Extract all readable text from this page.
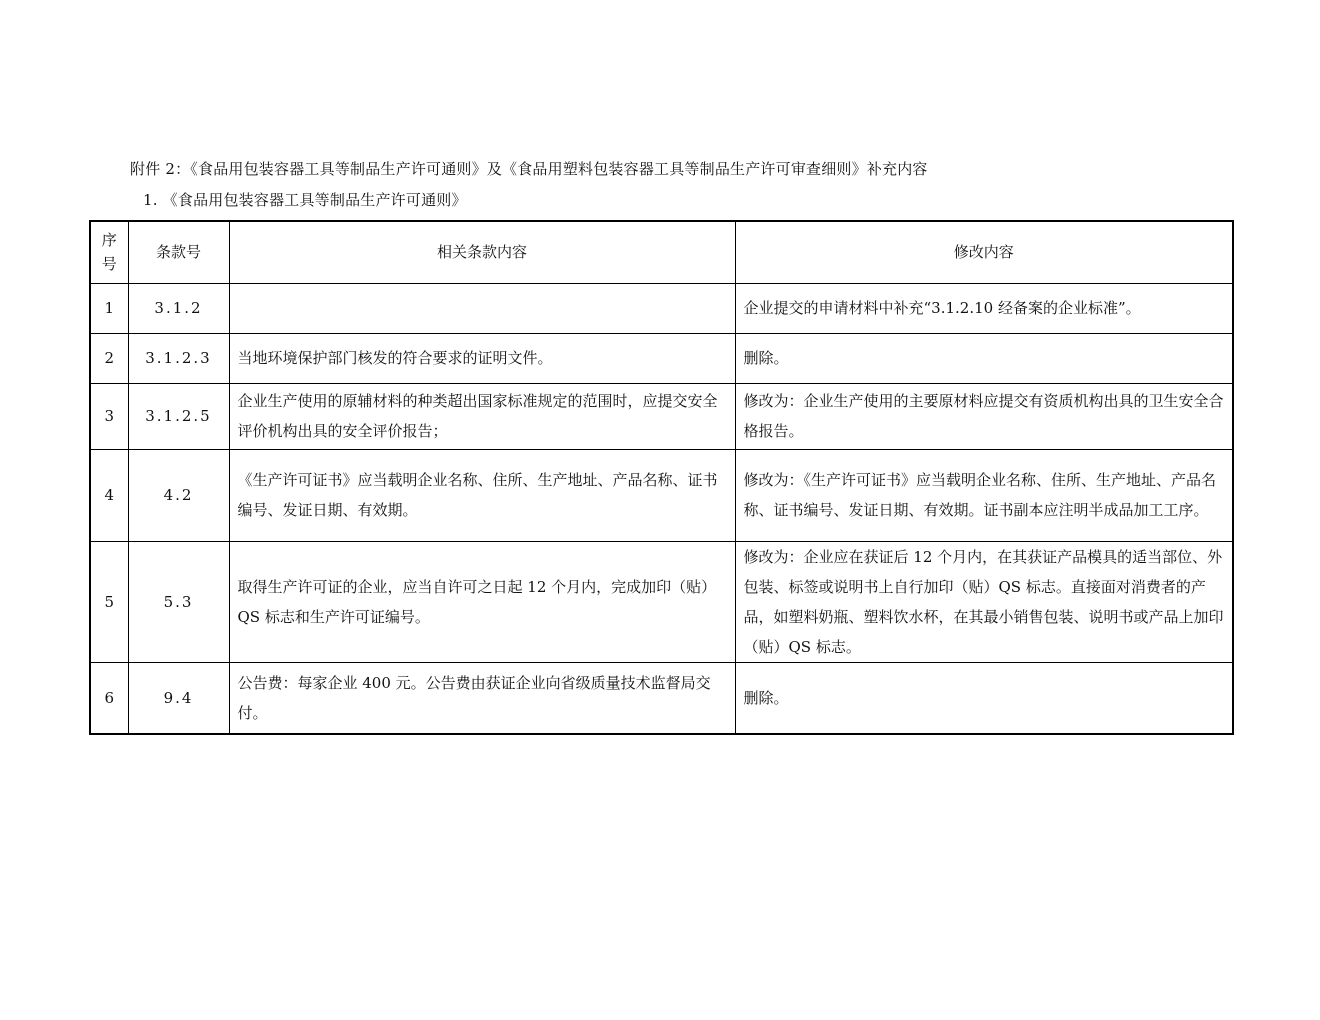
附件 2：《食品用包装容器工具等制品生产许可通则》及《食品用塑料包装容器工具等制品生产许可审查细则》补充内容
1. 《食品用包装容器工具等制品生产许可通则》
序号	条款号	相关条款内容	修改内容
1	3.1.2		企业提交的申请材料中补充“3.1.2.10 经备案的企业标准”。
2	3.1.2.3	当地环境保护部门核发的符合要求的证明文件。	删除。
3	3.1.2.5	企业生产使用的原辅材料的种类超出国家标准规定的范围时，应提交安全评价机构出具的安全评价报告；	修改为：企业生产使用的主要原材料应提交有资质机构出具的卫生安全合格报告。
4	4.2	《生产许可证书》应当载明企业名称、住所、生产地址、产品名称、证书编号、发证日期、有效期。	修改为：《生产许可证书》应当载明企业名称、住所、生产地址、产品名称、证书编号、发证日期、有效期。证书副本应注明半成品加工工序。
5	5.3	取得生产许可证的企业，应当自许可之日起 12 个月内，完成加印（贴）QS 标志和生产许可证编号。	修改为：企业应在获证后 12 个月内，在其获证产品模具的适当部位、外包装、标签或说明书上自行加印（贴）QS 标志。直接面对消费者的产品，如塑料奶瓶、塑料饮水杯，在其最小销售包装、说明书或产品上加印（贴）QS 标志。
6	9.4	公告费：每家企业 400 元。公告费由获证企业向省级质量技术监督局交付。	删除。
